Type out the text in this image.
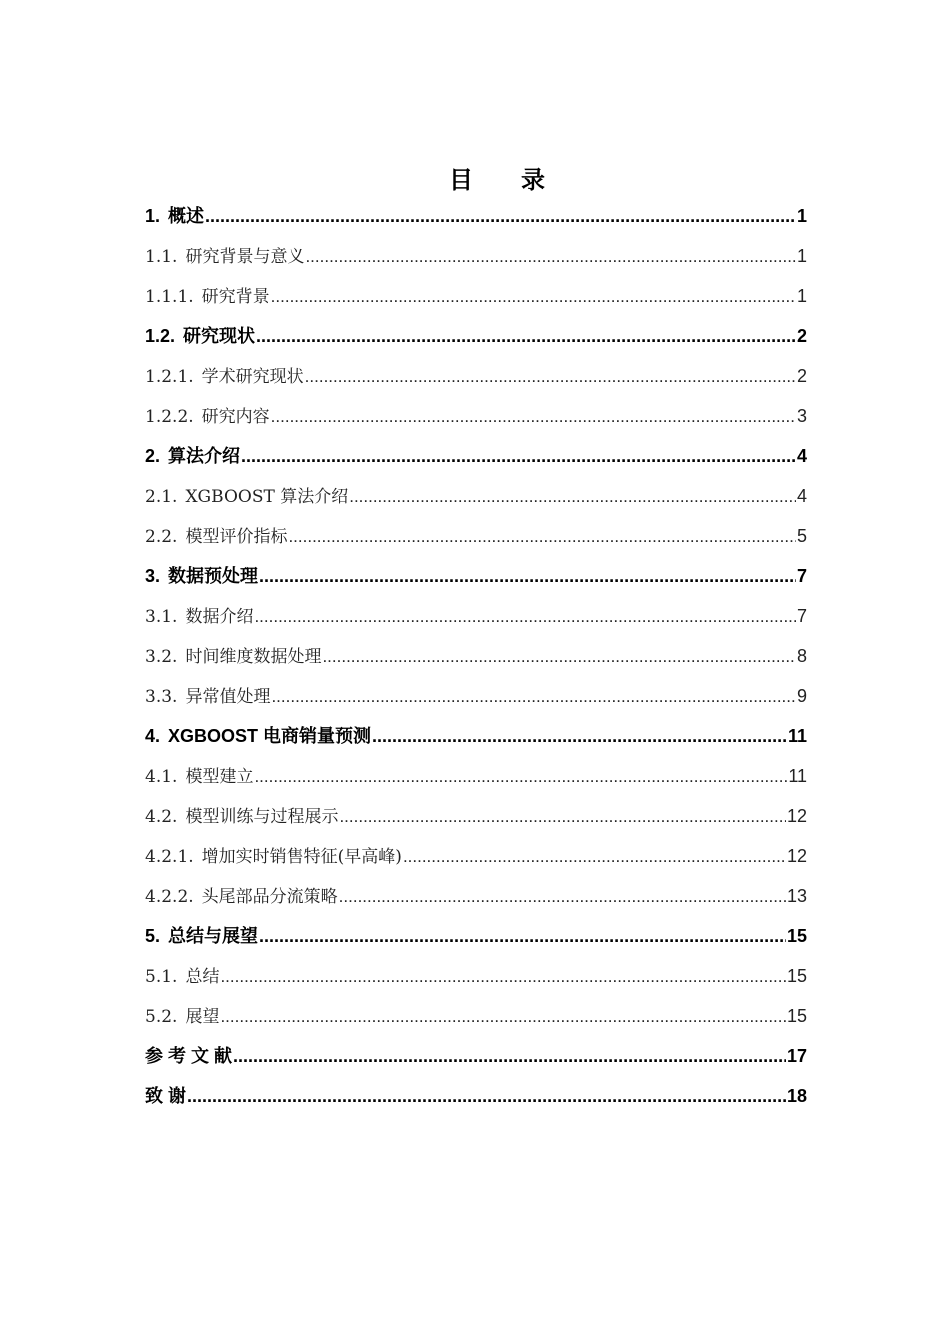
目 录
1. 概述 .....	1
1.1. 研究背景与意义 .....	1
1.1.1. 研究背景 .....	1
1.2. 研究现状 .....	2
1.2.1. 学术研究现状 .....	2
1.2.2. 研究内容 .....	3
2. 算法介绍 .....	4
2.1. XGBOOST 算法介绍 .....	4
2.2. 模型评价指标 .....	5
3. 数据预处理 .....	7
3.1. 数据介绍 .....	7
3.2. 时间维度数据处理 .....	8
3.3. 异常值处理 .....	9
4. XGBOOST 电商销量预测 .....	11
4.1. 模型建立 .....	11
4.2. 模型训练与过程展示 .....	12
4.2.1. 增加实时销售特征(早高峰) .....	12
4.2.2. 头尾部品分流策略 .....	13
5. 总结与展望 .....	15
5.1. 总结 .....	15
5.2. 展望 .....	15
参 考 文 献 .....	17
致 谢 .....	18
